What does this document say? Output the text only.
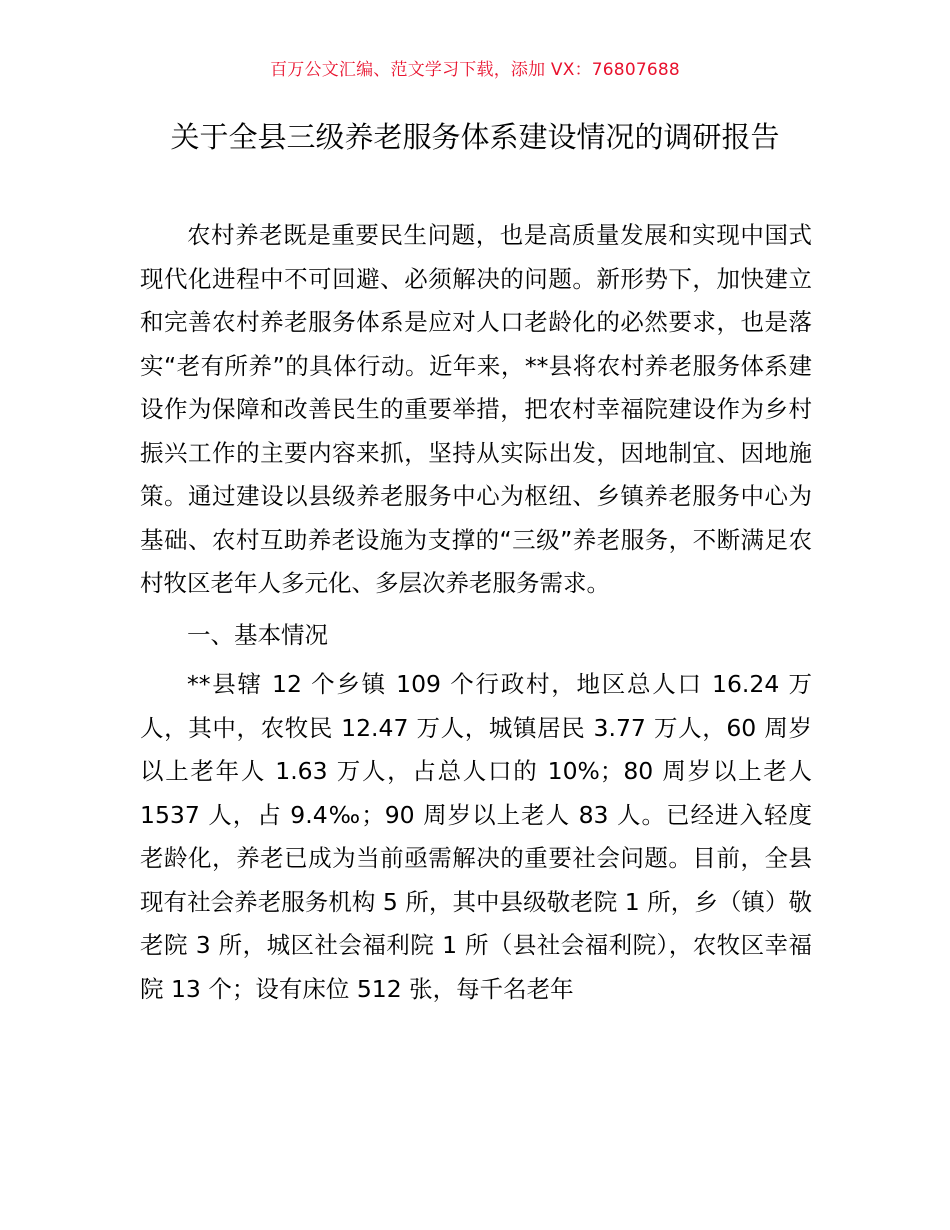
百万公文汇编、范文学习下载，添加 VX：76807688
关于全县三级养老服务体系建设情况的调研报告

农村养老既是重要民生问题，也是高质量发展和实现中国式现代化进程中不可回避、必须解决的问题。新形势下，加快建立和完善农村养老服务体系是应对人口老龄化的必然要求，也是落实“老有所养”的具体行动。近年来，**县将农村养老服务体系建设作为保障和改善民生的重要举措，把农村幸福院建设作为乡村振兴工作的主要内容来抓，坚持从实际出发，因地制宜、因地施策。通过建设以县级养老服务中心为枢纽、乡镇养老服务中心为基础、农村互助养老设施为支撑的“三级”养老服务，不断满足农村牧区老年人多元化、多层次养老服务需求。

一、基本情况

**县辖 12 个乡镇 109 个行政村，地区总人口 16.24 万人，其中，农牧民 12.47 万人，城镇居民 3.77 万人，60 周岁以上老年人 1.63 万人，占总人口的 10%；80 周岁以上老人 1537 人，占 9.4‰；90 周岁以上老人 83 人。已经进入轻度老龄化，养老已成为当前亟需解决的重要社会问题。目前，全县现有社会养老服务机构 5 所，其中县级敬老院 1 所，乡（镇）敬老院 3 所，城区社会福利院 1 所（县社会福利院），农牧区幸福院 13 个；设有床位 512 张，每千名老年
